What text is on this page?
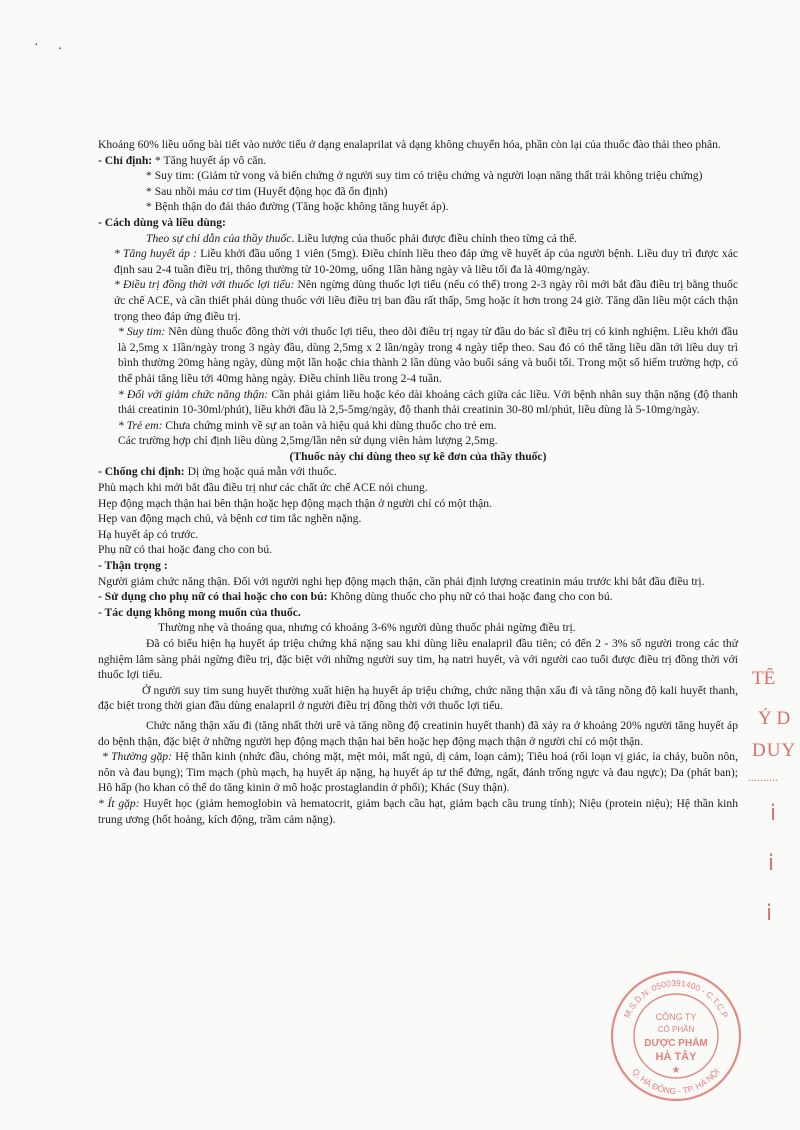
· .

Khoảng 60% liều uống bài tiết vào nước tiểu ở dạng enalaprilat và dạng không chuyển hóa, phần còn lại của thuốc đào thải theo phân.

- Chỉ định: * Tăng huyết áp vô căn.

* Suy tim: (Giảm tử vong và biến chứng ở người suy tim có triệu chứng và người loạn năng thất trái không triệu chứng)

* Sau nhồi máu cơ tim (Huyết động học đã ổn định)

* Bệnh thận do đái tháo đường (Tăng hoặc không tăng huyết áp).

- Cách dùng và liều dùng:

Theo sự chỉ dẫn của thầy thuốc. Liều lượng của thuốc phải được điều chỉnh theo từng cá thể.

* Tăng huyết áp : Liều khởi đầu uống 1 viên (5mg). Điều chỉnh liều theo đáp ứng về huyết áp của người bệnh. Liều duy trì được xác định sau 2-4 tuần điều trị, thông thường từ 10-20mg, uống 1lần hàng ngày và liều tối đa là 40mg/ngày.

* Điều trị đồng thời với thuốc lợi tiểu: Nên ngừng dùng thuốc lợi tiểu (nếu có thể) trong 2-3 ngày rồi mới bắt đầu điều trị bằng thuốc ức chế ACE, và cần thiết phải dùng thuốc với liều điều trị ban đầu rất thấp, 5mg hoặc ít hơn trong 24 giờ. Tăng dần liều một cách thận trọng theo đáp ứng điều trị.

* Suy tim: Nên dùng thuốc đồng thời với thuốc lợi tiểu, theo dõi điều trị ngay từ đầu do bác sĩ điều trị có kinh nghiệm. Liều khởi đầu là 2,5mg x 1lần/ngày trong 3 ngày đầu, dùng 2,5mg x 2 lần/ngày trong 4 ngày tiếp theo. Sau đó có thể tăng liều dần tới liều duy trì bình thường 20mg hàng ngày, dùng một lần hoặc chia thành 2 lần dùng vào buổi sáng và buổi tối. Trong một số hiếm trường hợp, có thể phải tăng liều tới 40mg hàng ngày. Điều chỉnh liều trong 2-4 tuần.

* Đối với giảm chức năng thận: Cần phải giảm liều hoặc kéo dài khoảng cách giữa các liều. Với bệnh nhân suy thận nặng (độ thanh thải creatinin 10-30ml/phút), liều khởi đầu là 2,5-5mg/ngày, độ thanh thải creatinin 30-80 ml/phút, liều dùng là 5-10mg/ngày.

* Trẻ em: Chưa chứng minh về sự an toàn và hiệu quả khi dùng thuốc cho trẻ em.

Các trường hợp chỉ định liều dùng 2,5mg/lần nên sử dụng viên hàm lượng 2,5mg.

(Thuốc này chỉ dùng theo sự kê đơn của thầy thuốc)

- Chống chỉ định: Dị ứng hoặc quá mẫn với thuốc.

Phù mạch khi mới bắt đầu điều trị như các chất ức chế ACE nói chung.

Hẹp động mạch thận hai bên thận hoặc hẹp động mạch thận ở người chỉ có một thận.

Hẹp van động mạch chủ, và bệnh cơ tim tắc nghẽn nặng.

Hạ huyết áp có trước.

Phụ nữ có thai hoặc đang cho con bú.

- Thận trọng :

Người giảm chức năng thận. Đối với người nghi hẹp động mạch thận, cần phải định lượng creatinin máu trước khi bắt đầu điều trị.

- Sử dụng cho phụ nữ có thai hoặc cho con bú: Không dùng thuốc cho phụ nữ có thai hoặc đang cho con bú.

- Tác dụng không mong muốn của thuốc.

Thường nhẹ và thoáng qua, nhưng có khoảng 3-6% người dùng thuốc phải ngừng điều trị.

Đã có biểu hiện hạ huyết áp triệu chứng khá nặng sau khi dùng liều enalapril đầu tiên; có đến 2 - 3% số người trong các thử nghiệm lâm sàng phải ngừng điều trị, đặc biệt với những người suy tim, hạ natri huyết, và với người cao tuổi được điều trị đồng thời với thuốc lợi tiểu.

Ở người suy tim sung huyết thường xuất hiện hạ huyết áp triệu chứng, chức năng thận xấu đi và tăng nồng độ kali huyết thanh, đặc biệt trong thời gian đầu dùng enalapril ở người điều trị đồng thời với thuốc lợi tiểu.

Chức năng thận xấu đi (tăng nhất thời urê và tăng nồng độ creatinin huyết thanh) đã xảy ra ở khoảng 20% người tăng huyết áp do bệnh thận, đặc biệt ở những người hẹp động mạch thận hai bên hoặc hẹp động mạch thận ở người chỉ có một thận.

* Thường gặp: Hệ thần kinh (nhức đầu, chóng mặt, mệt mỏi, mất ngủ, dị cảm, loạn cảm); Tiêu hoá (rối loạn vị giác, ỉa chảy, buồn nôn, nôn và đau bụng); Tim mạch (phù mạch, hạ huyết áp nặng, hạ huyết áp tư thế đứng, ngất, đánh trống ngực và đau ngực); Da (phát ban); Hô hấp (ho khan có thể do tăng kinin ở mô hoặc prostaglandin ở phổi); Khác (Suy thận).

* Ít gặp: Huyết học (giảm hemoglobin và hematocrit, giảm bạch cầu hạt, giảm bạch cầu trung tính); Niệu (protein niệu); Hệ thần kinh trung ương (hốt hoảng, kích động, trầm cảm nặng).

TẾ
Ý D
DUY
..........
ⅰ
ⅰ
ⅰ
M.S.D.N: 0500391400 - C.T.C.P
Q. HÀ ĐÔNG - TP. HÀ NỘI
CÔNG TY
CỔ PHẦN
DƯỢC PHẨM
HÀ TÂY
★
